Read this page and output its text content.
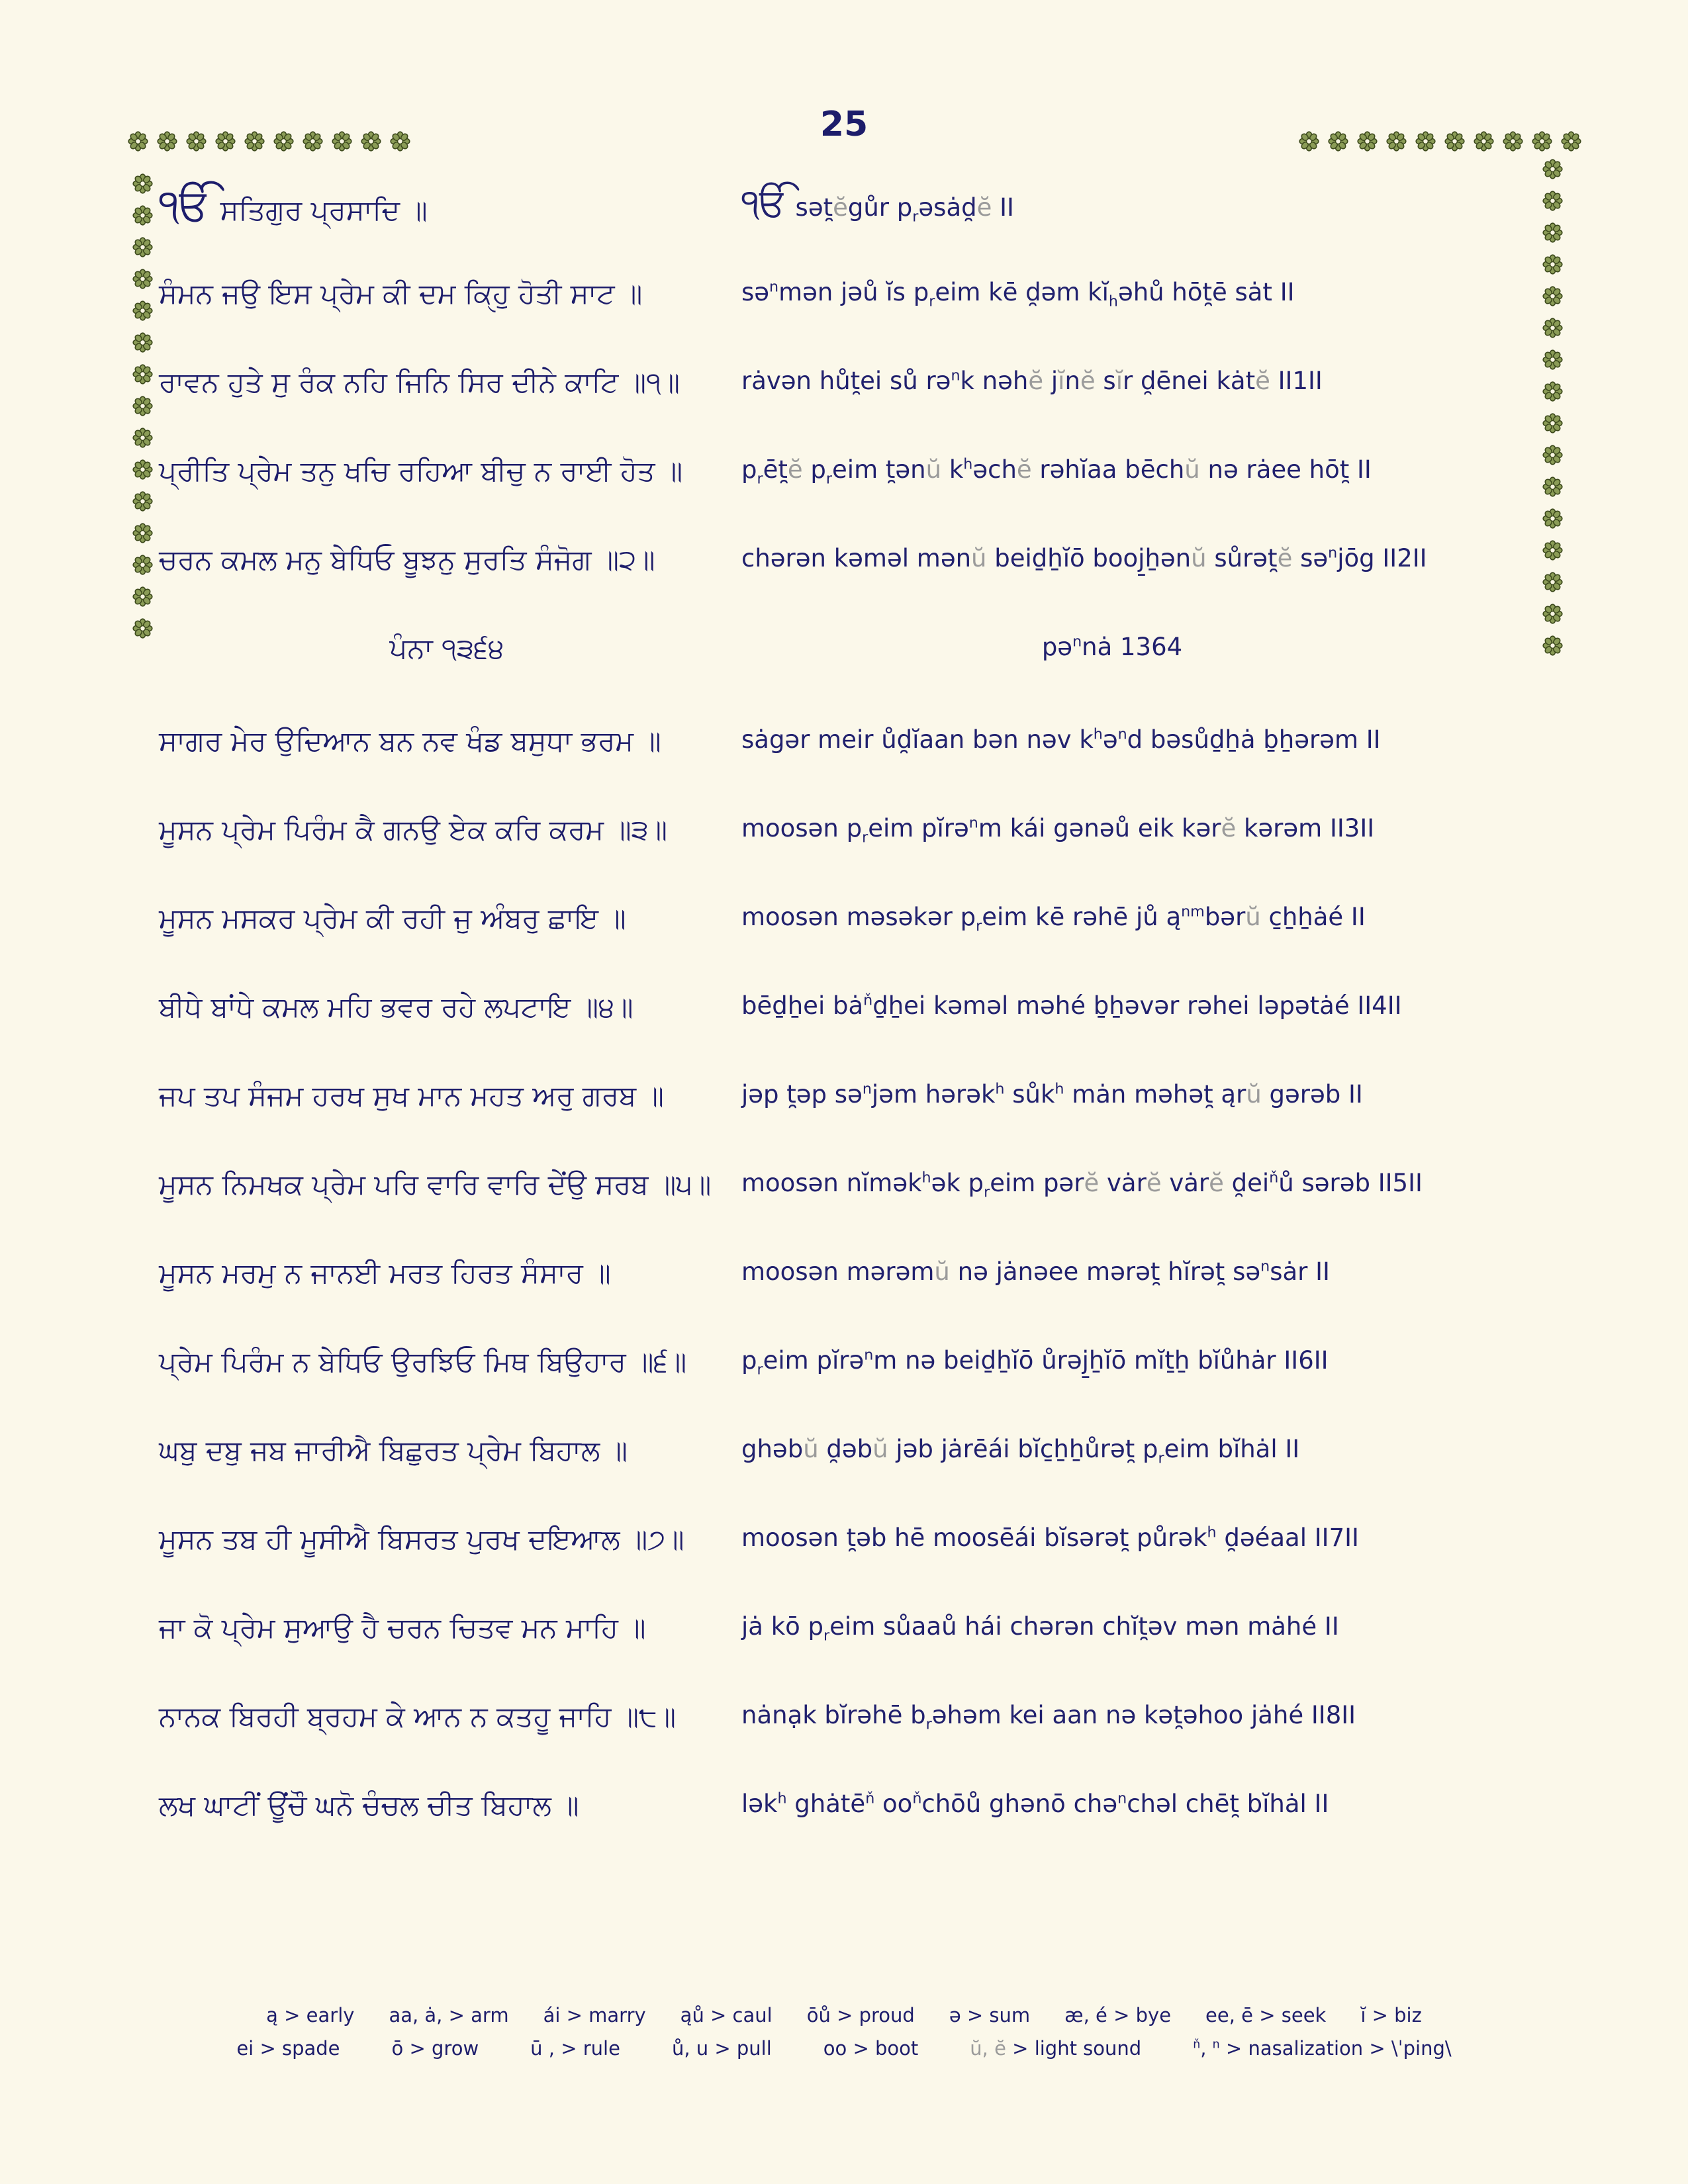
25
ੴ ਸਤਿਗੁਰ ਪ੍ਰਸਾਦਿ ॥	ੴ sət̯ĕgůr $p_rəsȧd̯ĕ$ II
ਸੰਮਨ ਜਉ ਇਸ ਪ੍ਰੇਮ ਕੀ ਦਮ ਕਿੑਹੁ ਹੋਤੀ ਸਾਟ ॥	sə$^n$mən jəů ĭs $p_reim$ kē d̯əm $kĭ_həhů$ hōt̯ē sȧt II
ਰਾਵਨ ਹੁਤੇ ਸੁ ਰੰਕ ਨਹਿ ਜਿਨਿ ਸਿਰ ਦੀਨੇ ਕਾਟਿ ॥੧॥	rȧvən hůt̯ei sů rə$^n$k nəhĕ jĭnĕ sĭr d̯ēnei kȧtĕ II1II
ਪ੍ਰੀਤਿ ਪ੍ਰੇਮ ਤਨੁ ਖਚਿ ਰਹਿਆ ਬੀਚੁ ਨ ਰਾਈ ਹੋਤ ॥	$p_rēt̯ĕ$ $p_reim$ t̯ənŭ $k^həchĕ$ rəhĭaa bēchŭ nə rȧee hōt̯ II
ਚਰਨ ਕਮਲ ਮਨੁ ਬੇਧਿਓ ਬੂਝਨੁ ਸੁਰਤਿ ਸੰਜੋਗ ॥੨॥	chərən kəməl mənŭ beiḏẖĭō booj̱ẖənŭ sůrət̯ĕ sə$^n$jōg II2II
ਪੰਨਾ ੧੩੬੪	pə$^n$nȧ 1364
ਸਾਗਰ ਮੇਰ ਉਦਿਆਨ ਬਨ ਨਵ ਖੰਡ ਬਸੁਧਾ ਭਰਮ ॥	sȧgər meir ůd̯ĭaan bən nəv $k^hə^nd$ bəsůḏẖȧ ḇẖərəm II
ਮੂਸਨ ਪ੍ਰੇਮ ਪਿਰੰਮ ਕੈ ਗਨਉ ਏਕ ਕਰਿ ਕਰਮ ॥੩॥	moosən $p_reim$ pĭrə$^n$m kái gənəů eik kərĕ kərəm II3II
ਮੂਸਨ ਮਸਕਰ ਪ੍ਰੇਮ ਕੀ ਰਹੀ ਜੁ ਅੰਬਰੁ ਛਾਇ ॥	moosən məsəkər $p_reim$ kē rəhē jů $ą^{nm}bərŭ$ c̱ẖẖȧé II
ਬੀਧੇ ਬਾਂਧੇ ਕਮਲ ਮਹਿ ਭਵਰ ਰਹੇ ਲਪਟਾਇ ॥੪॥	bēḏẖei $bȧ^ňḏẖei$ kəməl məhé ḇẖəvər rəhei ləpətȧé II4II
ਜਪ ਤਪ ਸੰਜਮ ਹਰਖ ਸੁਖ ਮਾਨ ਮਹਤ ਅਰੁ ਗਰਬ ॥	jəp t̯əp sə$^n$jəm hərək$^h$ sůk$^h$ mȧn məhət̯ ąrŭ gərəb II
ਮੂਸਨ ਨਿਮਖਕ ਪ੍ਰੇਮ ਪਰਿ ਵਾਰਿ ਵਾਰਿ ਦੇਂਉ ਸਰਬ ॥੫॥	moosən nĭmək$^h$ək $p_reim$ pərĕ vȧrĕ vȧrĕ $d̯ei^ňů$ sərəb II5II
ਮੂਸਨ ਮਰਮੁ ਨ ਜਾਨਈ ਮਰਤ ਹਿਰਤ ਸੰਸਾਰ ॥	moosən mərəmŭ nə jȧnəee mərət̯ hĭrət̯ sə$^n$sȧr II
ਪ੍ਰੇਮ ਪਿਰੰਮ ਨ ਬੇਧਿਓ ਉਰਝਿਓ ਮਿਥ ਬਿਉਹਾਰ ॥੬॥	$p_reim$ pĭrə$^n$m nə beiḏẖĭō ůrəj̱ẖĭō mĭṯẖ bĭůhȧr II6II
ਘਬੁ ਦਬੁ ਜਬ ਜਾਰੀਐ ਬਿਛੁਰਤ ਪ੍ਰੇਮ ਬਿਹਾਲ ॥	ghəbŭ d̯əbŭ jəb jȧrēái bĭc̱ẖẖůrət̯ $p_reim$ bĭhȧl II
ਮੂਸਨ ਤਬ ਹੀ ਮੂਸੀਐ ਬਿਸਰਤ ਪੁਰਖ ਦਇਆਲ ॥੭॥	moosən t̯əb hē moosēái bĭsərət̯ půrək$^h$ d̯əéaal II7II
ਜਾ ਕੋ ਪ੍ਰੇਮ ਸੁਆਉ ਹੈ ਚਰਨ ਚਿਤਵ ਮਨ ਮਾਹਿ ॥	jȧ kō $p_reim$ sůaaů hái chərən chĭt̯əv mən mȧhé II
ਨਾਨਕ ਬਿਰਹੀ ਬ੍ਰਹਮ ਕੇ ਆਨ ਨ ਕਤਹੂ ਜਾਹਿ ॥੮॥	nȧnạk bĭrəhē $b_rəhəm$ kei aan nə kət̯əhoo jȧhé II8II
ਲਖ ਘਾਟੀਂ ਊਂਚੌ ਘਨੋ ਚੰਚਲ ਚੀਤ ਬਿਹਾਲ ॥	lək$^h$ ghȧtē$^ň$ $oo^ňchōů$ ghənō chə$^n$chəl chēt̯ bĭhȧl II
ą > early aa, ȧ, > arm ái > marry ąů > caul ōů > proud ə > sum æ, é > bye ee, ē > seek ĭ > biz
ei > spade	ō > grow	ū , > rule	ů, u > pull	oo > boot	ŭ, ĕ > light sound	$^ň$, $^n$ > nasalization > \ˈping\
